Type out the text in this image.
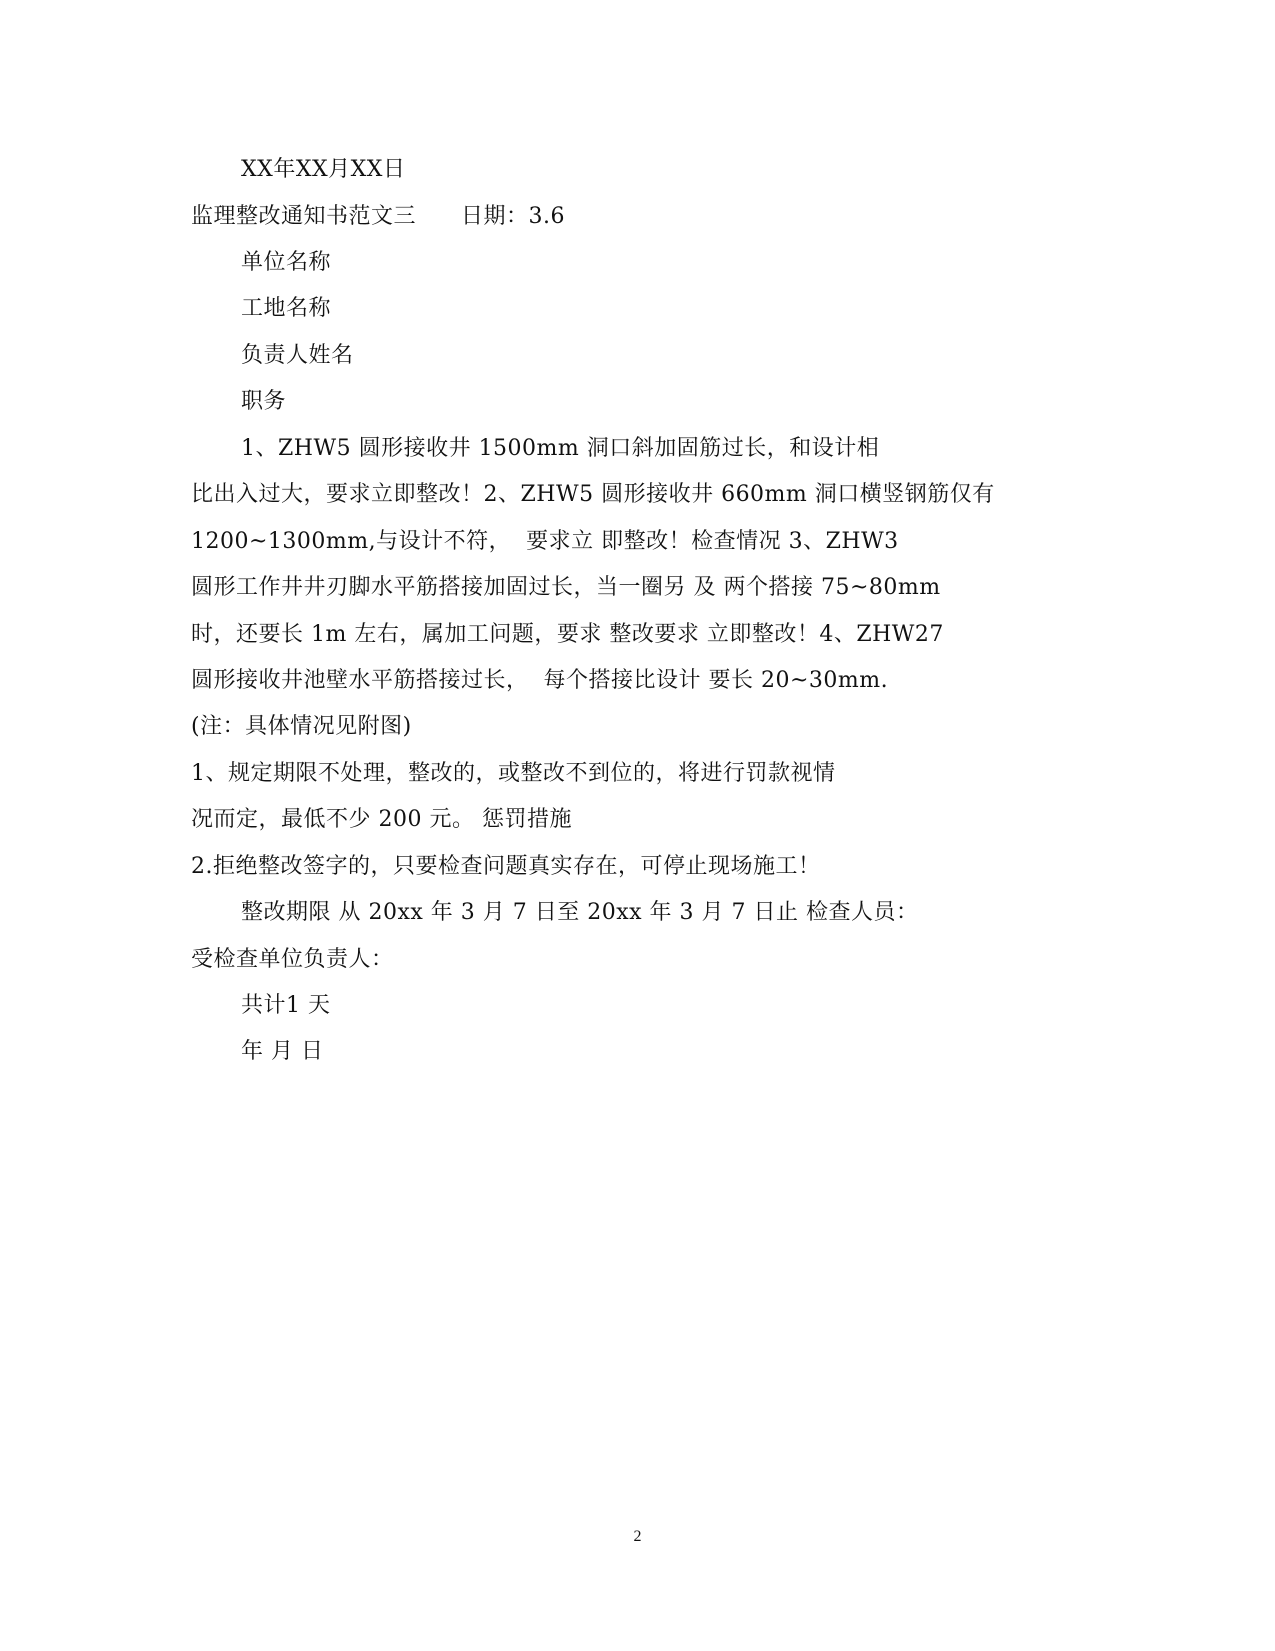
XX年XX月XX日
监理整改通知书范文三　　日期：3.6
单位名称
工地名称
负责人姓名
职务
1、ZHW5 圆形接收井 1500mm 洞口斜加固筋过长，和设计相
比出入过大，要求立即整改！2、ZHW5 圆形接收井 660mm 洞口横竖钢筋仅有
1200~1300mm,与设计不符，  要求立 即整改！检查情况 3、ZHW3
圆形工作井井刃脚水平筋搭接加固过长，当一圈另 及 两个搭接 75~80mm
时，还要长 1m 左右，属加工问题，要求 整改要求 立即整改！4、ZHW27
圆形接收井池壁水平筋搭接过长，  每个搭接比设计 要长 20~30mm.
(注：具体情况见附图)
1、规定期限不处理，整改的，或整改不到位的，将进行罚款视情
况而定，最低不少 200 元。 惩罚措施
2.拒绝整改签字的，只要检查问题真实存在，可停止现场施工！
整改期限 从 20xx 年 3 月 7 日至 20xx 年 3 月 7 日止 检查人员：
受检查单位负责人：
共计1 天
年 月 日
2
